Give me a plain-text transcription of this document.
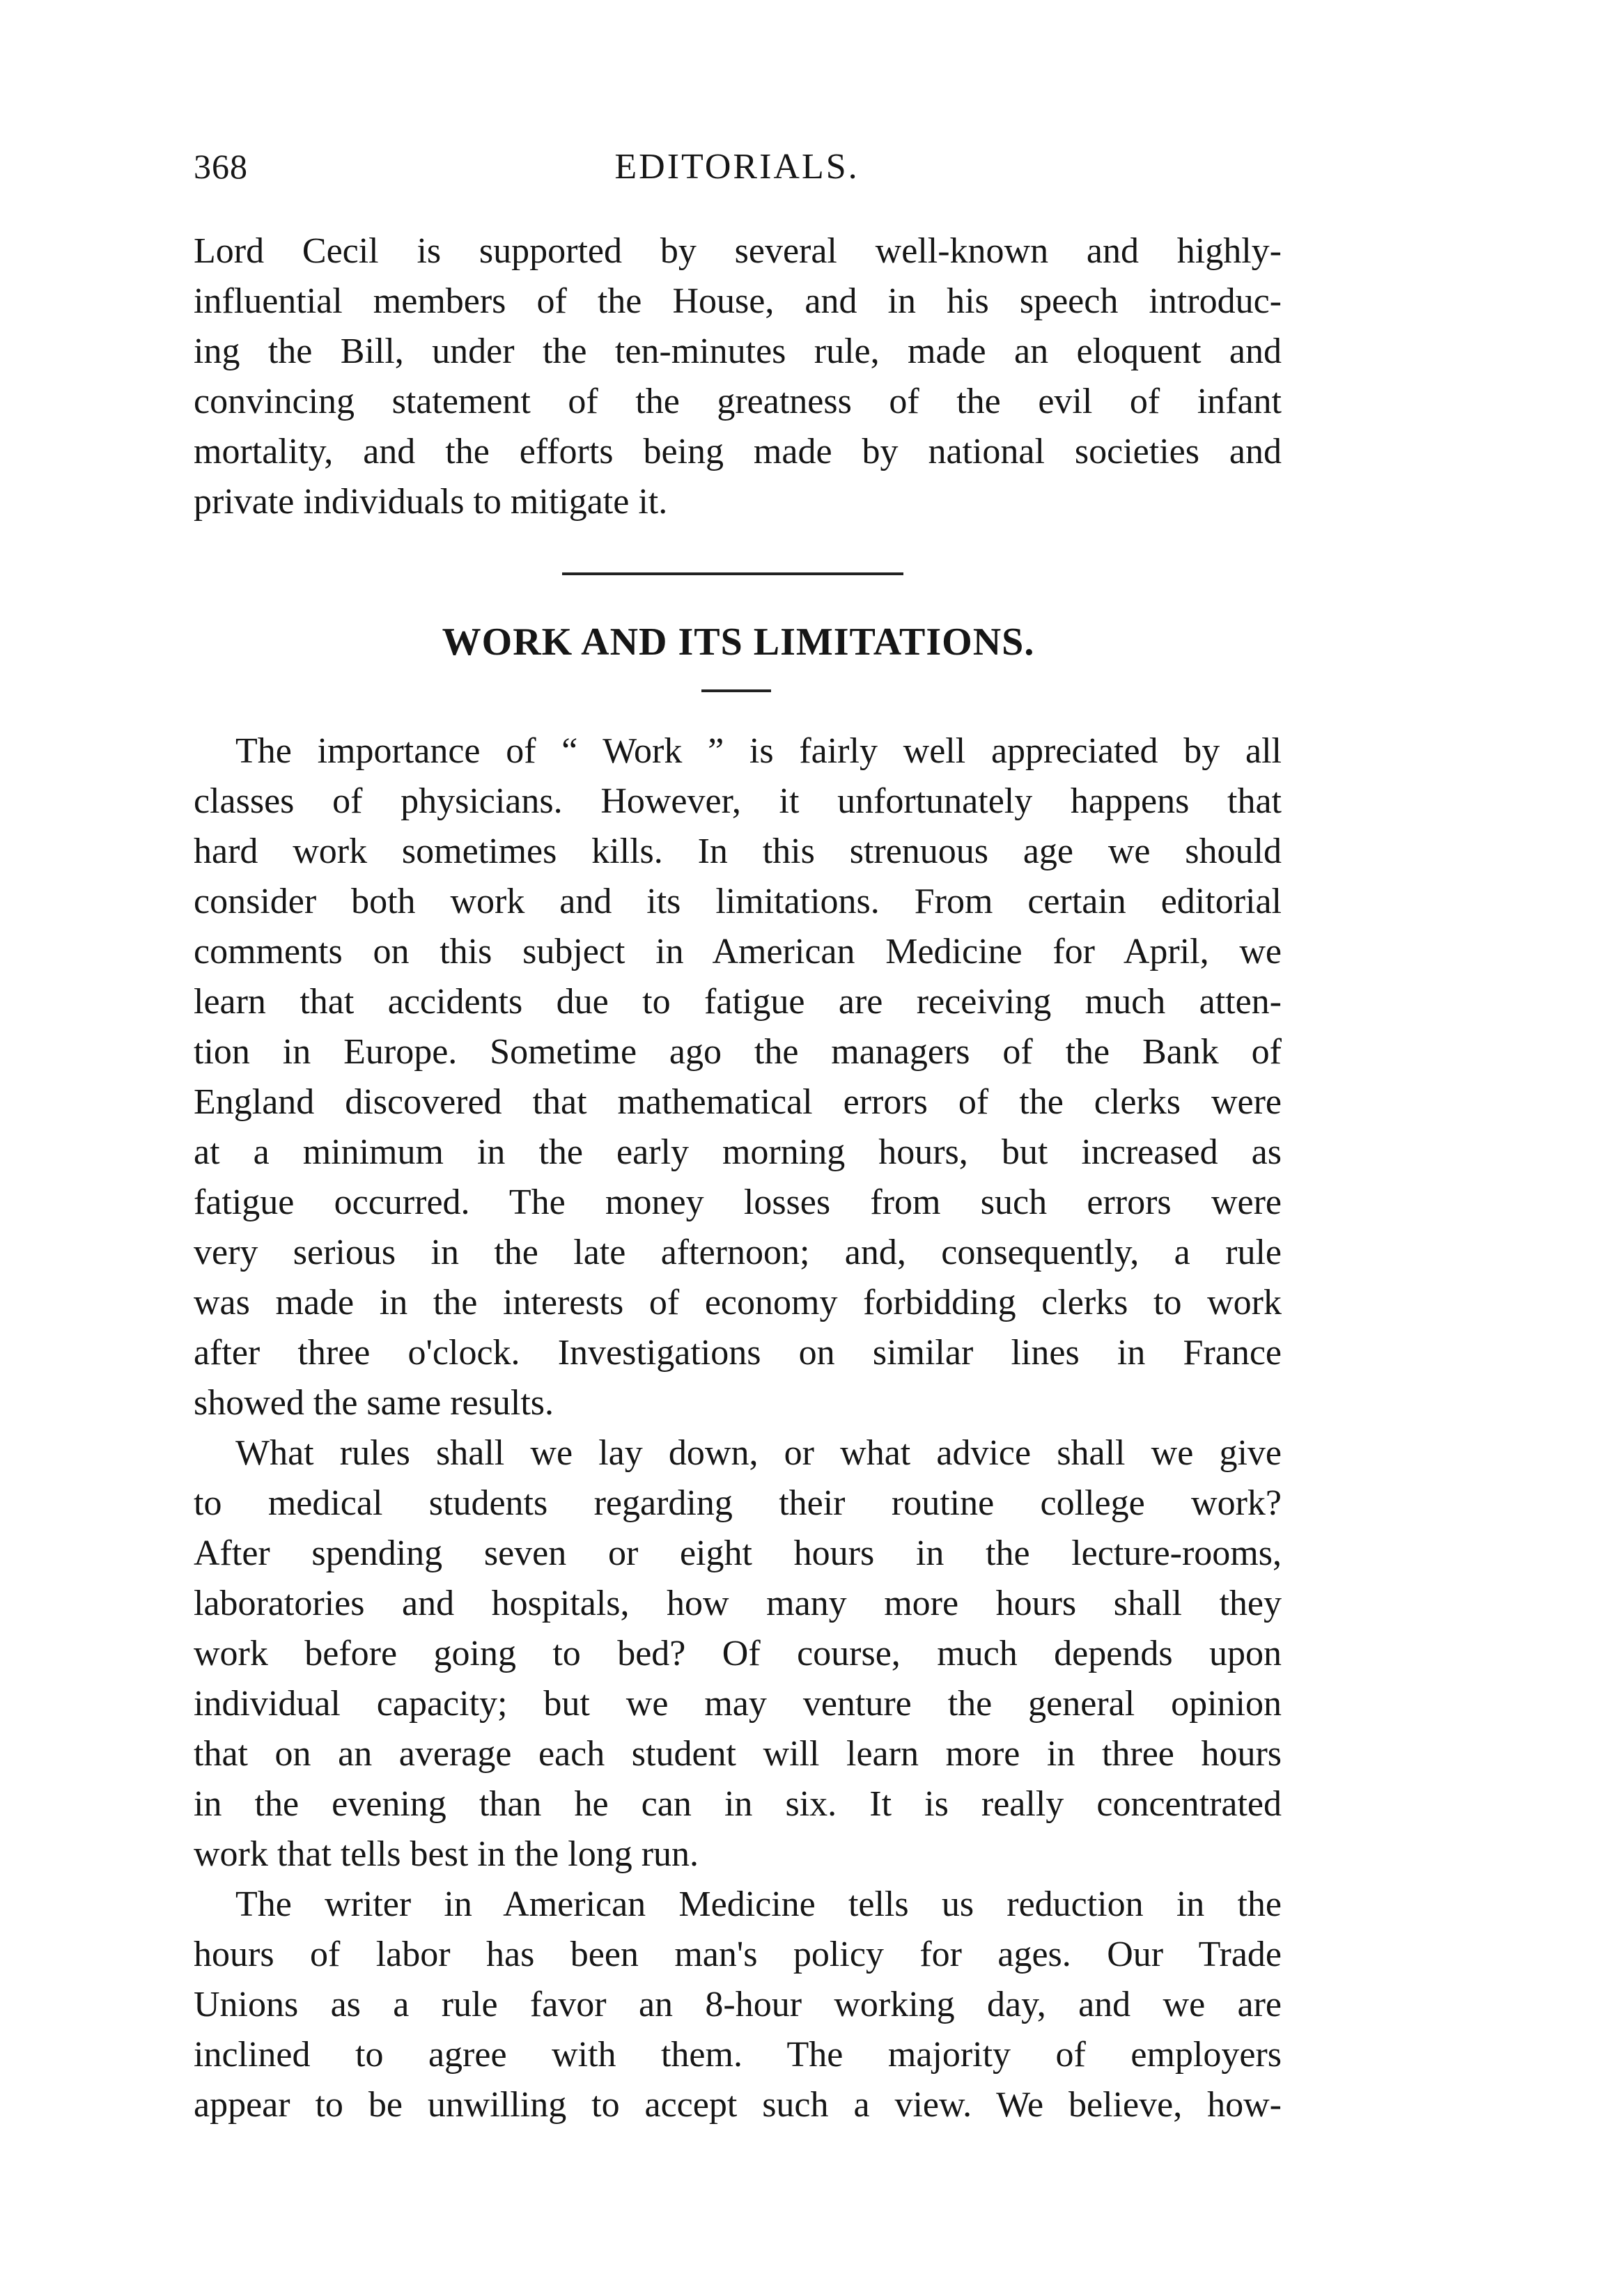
368	EDITORIALS.
Lord Cecil is supported by several well-known and highly-
influential members of the House, and in his speech introduc-
ing the Bill, under the ten-minutes rule, made an eloquent and
convincing statement of the greatness of the evil of infant
mortality, and the efforts being made by national societies and
private individuals to mitigate it.
WORK AND ITS LIMITATIONS.
The importance of “ Work ” is fairly well appreciated by all
classes of physicians. However, it unfortunately happens that
hard work sometimes kills. In this strenuous age we should
consider both work and its limitations. From certain editorial
comments on this subject in American Medicine for April, we
learn that accidents due to fatigue are receiving much atten-
tion in Europe. Sometime ago the managers of the Bank of
England discovered that mathematical errors of the clerks were
at a minimum in the early morning hours, but increased as
fatigue occurred. The money losses from such errors were
very serious in the late afternoon; and, consequently, a rule
was made in the interests of economy forbidding clerks to work
after three o'clock. Investigations on similar lines in France
showed the same results.
What rules shall we lay down, or what advice shall we give
to medical students regarding their routine college work?
After spending seven or eight hours in the lecture-rooms,
laboratories and hospitals, how many more hours shall they
work before going to bed? Of course, much depends upon
individual capacity; but we may venture the general opinion
that on an average each student will learn more in three hours
in the evening than he can in six. It is really concentrated
work that tells best in the long run.
The writer in American Medicine tells us reduction in the
hours of labor has been man's policy for ages. Our Trade
Unions as a rule favor an 8-hour working day, and we are
inclined to agree with them. The majority of employers
appear to be unwilling to accept such a view. We believe, how-
